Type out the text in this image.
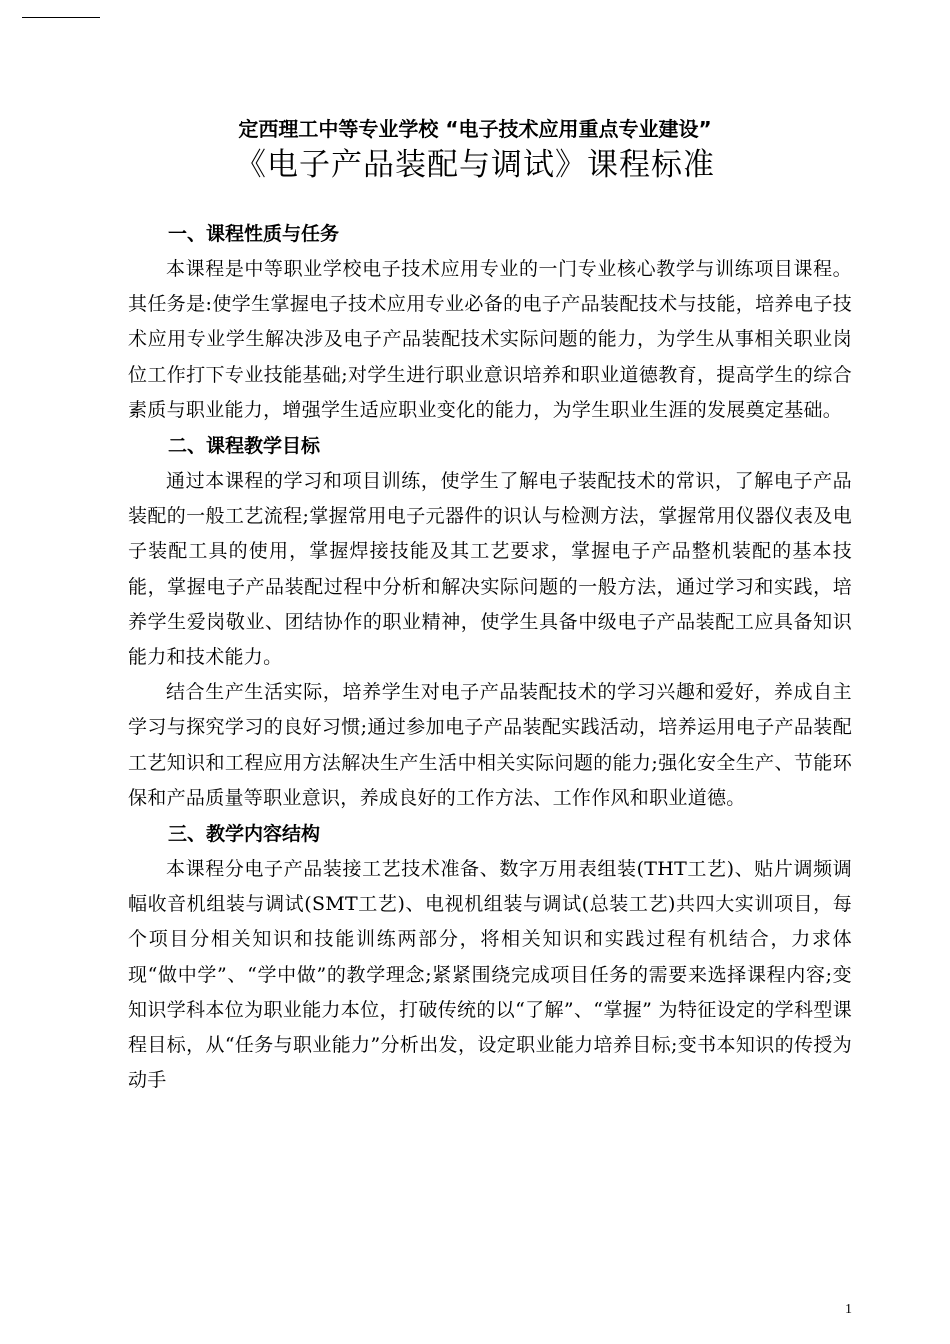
定西理工中等专业学校 “电子技术应用重点专业建设”
《电子产品装配与调试》课程标准
一、课程性质与任务

本课程是中等职业学校电子技术应用专业的一门专业核心教学与训练项目课程。其任务是:使学生掌握电子技术应用专业必备的电子产品装配技术与技能，培养电子技术应用专业学生解决涉及电子产品装配技术实际问题的能力，为学生从事相关职业岗位工作打下专业技能基础;对学生进行职业意识培养和职业道德教育，提高学生的综合素质与职业能力，增强学生适应职业变化的能力，为学生职业生涯的发展奠定基础。

二、课程教学目标

通过本课程的学习和项目训练，使学生了解电子装配技术的常识，了解电子产品装配的一般工艺流程;掌握常用电子元器件的识认与检测方法，掌握常用仪器仪表及电子装配工具的使用，掌握焊接技能及其工艺要求，掌握电子产品整机装配的基本技能，掌握电子产品装配过程中分析和解决实际问题的一般方法，通过学习和实践，培养学生爱岗敬业、团结协作的职业精神，使学生具备中级电子产品装配工应具备知识能力和技术能力。

结合生产生活实际，培养学生对电子产品装配技术的学习兴趣和爱好，养成自主学习与探究学习的良好习惯;通过参加电子产品装配实践活动，培养运用电子产品装配工艺知识和工程应用方法解决生产生活中相关实际问题的能力;强化安全生产、节能环保和产品质量等职业意识，养成良好的工作方法、工作作风和职业道德。

三、教学内容结构

本课程分电子产品装接工艺技术准备、数字万用表组装(THT工艺)、贴片调频调幅收音机组装与调试(SMT工艺)、电视机组装与调试(总装工艺)共四大实训项目，每个项目分相关知识和技能训练两部分，将相关知识和实践过程有机结合，力求体现“做中学”、“学中做”的教学理念;紧紧围绕完成项目任务的需要来选择课程内容;变知识学科本位为职业能力本位，打破传统的以“了解”、“掌握” 为特征设定的学科型课程目标，从“任务与职业能力”分析出发，设定职业能力培养目标;变书本知识的传授为动手

1
